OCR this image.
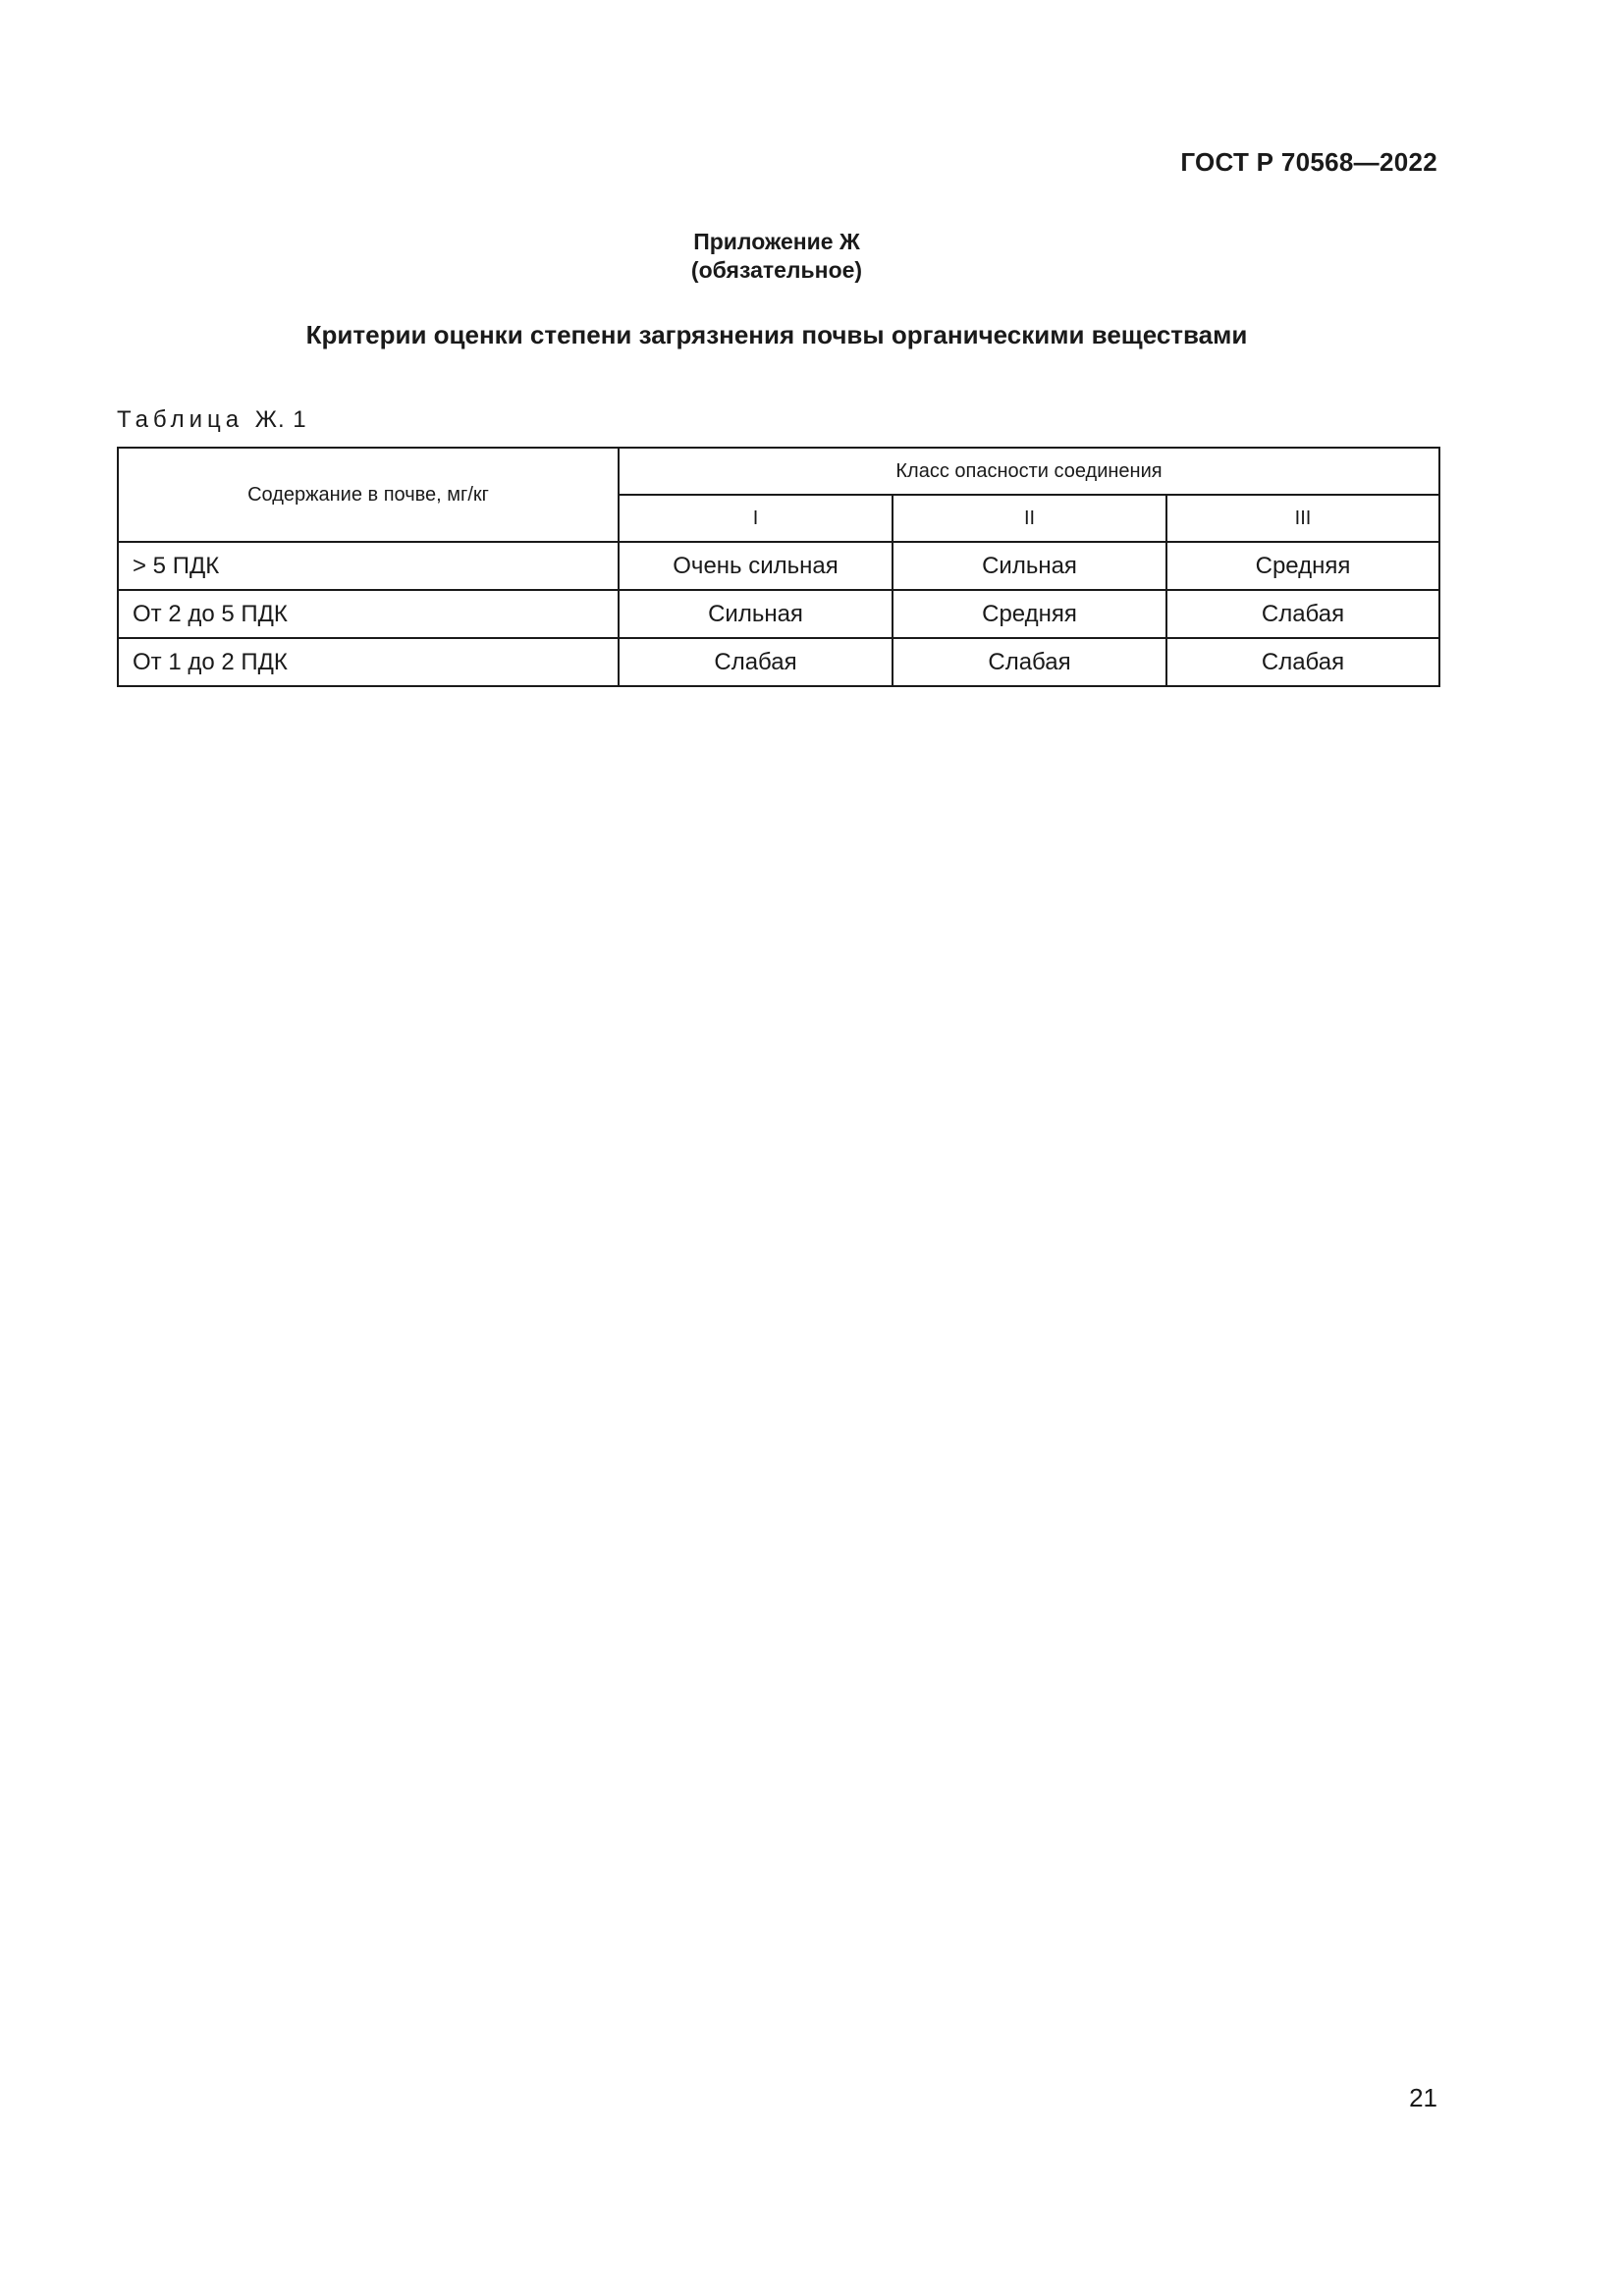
ГОСТ Р 70568—2022
Приложение Ж
(обязательное)
Критерии оценки степени загрязнения почвы органическими веществами
Таблица Ж. 1
Содержание в почве, мг/кг	Класс опасности соединения		
	I	II	III
> 5 ПДК	Очень сильная	Сильная	Средняя
От 2 до 5 ПДК	Сильная	Средняя	Слабая
От 1 до 2 ПДК	Слабая	Слабая	Слабая
21
